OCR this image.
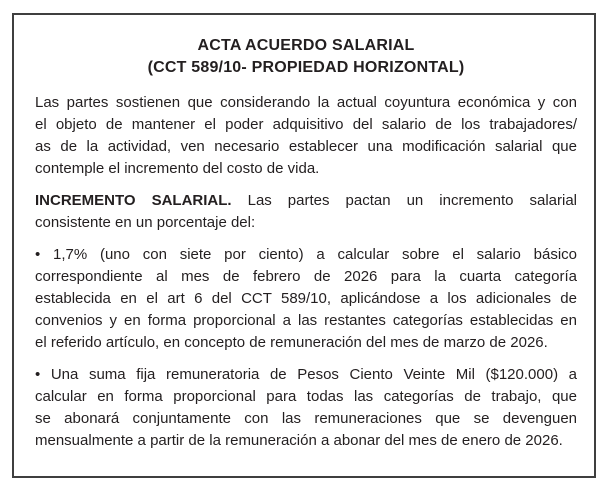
ACTA ACUERDO SALARIAL
(CCT 589/10- PROPIEDAD HORIZONTAL)
Las partes sostienen que considerando la actual coyuntura económica y con
el objeto de mantener el poder adquisitivo del salario de los trabajadores/
as de la actividad, ven necesario establecer una modificación salarial que
contemple el incremento del costo de vida.
INCREMENTO SALARIAL. Las partes pactan un incremento salarial
consistente en un porcentaje del:
• 1,7% (uno con siete por ciento) a calcular sobre el salario básico
correspondiente al mes de febrero de 2026 para la cuarta categoría
establecida en el art 6 del CCT 589/10, aplicándose a los adicionales de
convenios y en forma proporcional a las restantes categorías establecidas en
el referido artículo, en concepto de remuneración del mes de marzo de 2026.
• Una suma fija remuneratoria de Pesos Ciento Veinte Mil ($120.000) a
calcular en forma proporcional para todas las categorías de trabajo, que
se abonará conjuntamente con las remuneraciones que se devenguen
mensualmente a partir de la remuneración a abonar del mes de enero de 2026.
